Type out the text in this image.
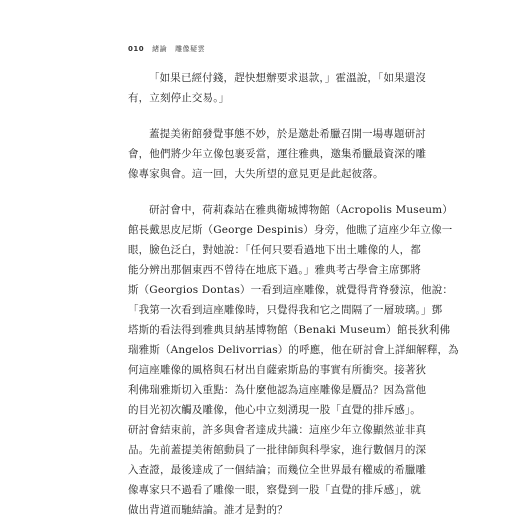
010 緒論 雕像疑雲

「如果已經付錢，趕快想辦要求退款，」霍溫說，「如果還沒
有，立刻停止交易。」

蓋提美術館發覺事態不妙，於是邀赴希臘召開一場專題研討
會，他們將少年立像包裹妥當，運往雅典，邀集希臘最資深的雕
像專家與會。這一回，大失所望的意見更是此起彼落。

研討會中，荷莉森站在雅典衛城博物館（Acropolis Museum）
館長戴思皮尼斯（George Despinis）身旁，他瞧了這座少年立像一
眼，臉色泛白，對她說：「任何只要看過地下出土雕像的人，都
能分辨出那個東西不曾待在地底下過。」雅典考古學會主席鄧將
斯（Georgios Dontas）一看到這座雕像，就覺得背脊發涼，他說：
「我第一次看到這座雕像時，只覺得我和它之間隔了一層玻璃。」鄧
塔斯的看法得到雅典貝納基博物館（Benaki Museum）館長狄利佛
瑞雅斯（Angelos Delivorrias）的呼應，他在研討會上詳細解釋，為
何這座雕像的風格與石材出自薩索斯島的事實有所衝突。接著狄
利佛瑞雅斯切入重點：為什麼他認為這座雕像是贗品？因為當他
的目光初次觸及雕像，他心中立刻湧現一股「直覺的排斥感」。
研討會結束前，許多與會者達成共識：這座少年立像顯然並非真
品。先前蓋提美術館動員了一批律師與科學家，進行數個月的深
入查證，最後達成了一個結論；而幾位全世界最有權威的希臘雕
像專家只不過看了雕像一眼，察覺到一股「直覺的排斥感」，就
做出背道而馳結論。誰才是對的？
